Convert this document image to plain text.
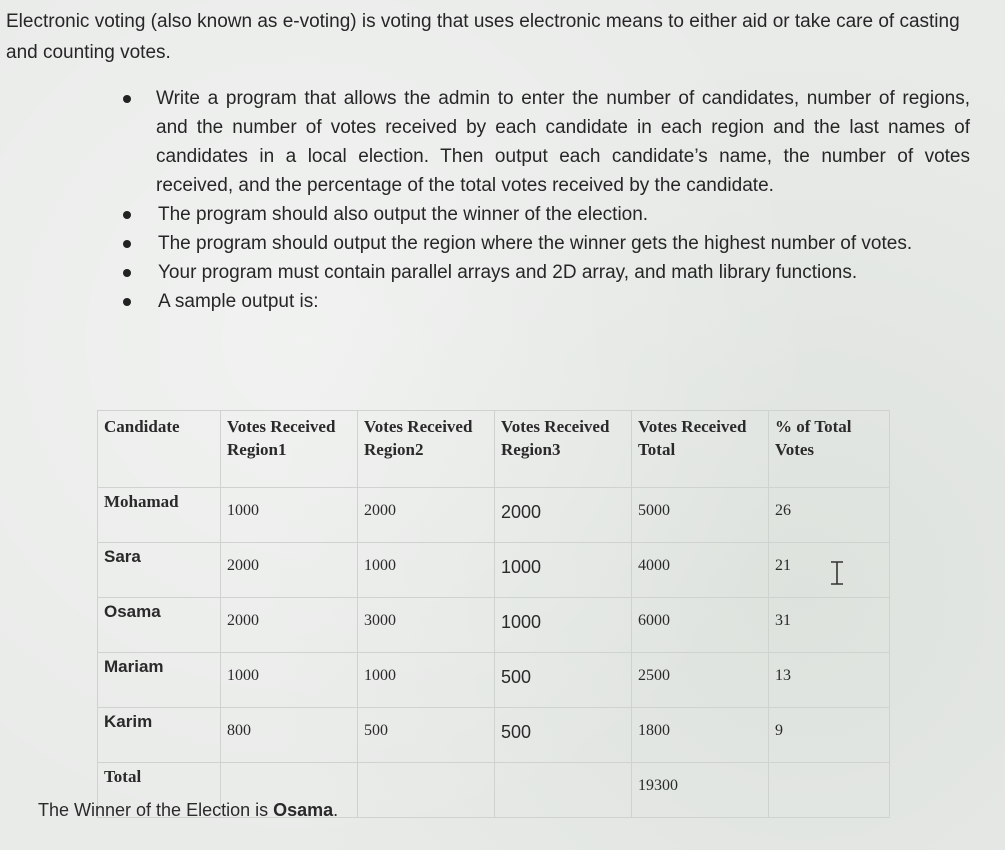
Electronic voting (also known as e-voting) is voting that uses electronic means to either aid or take care of casting and counting votes.
Write a program that allows the admin to enter the number of candidates, number of regions, and the number of votes received by each candidate in each region and the last names of candidates in a local election. Then output each candidate’s name, the number of votes received, and the percentage of the total votes received by the candidate.
The program should also output the winner of the election.
The program should output the region where the winner gets the highest number of votes.
Your program must contain parallel arrays and 2D array, and math library functions.
A sample output is:
Candidate	Votes Received Region1	Votes Received Region2	Votes Received Region3	Votes Received Total	% of Total Votes
Mohamad	1000	2000	2000	5000	26
Sara	2000	1000	1000	4000	21
Osama	2000	3000	1000	6000	31
Mariam	1000	1000	500	2500	13
Karim	800	500	500	1800	9
Total				19300	
The Winner of the Election is Osama.
